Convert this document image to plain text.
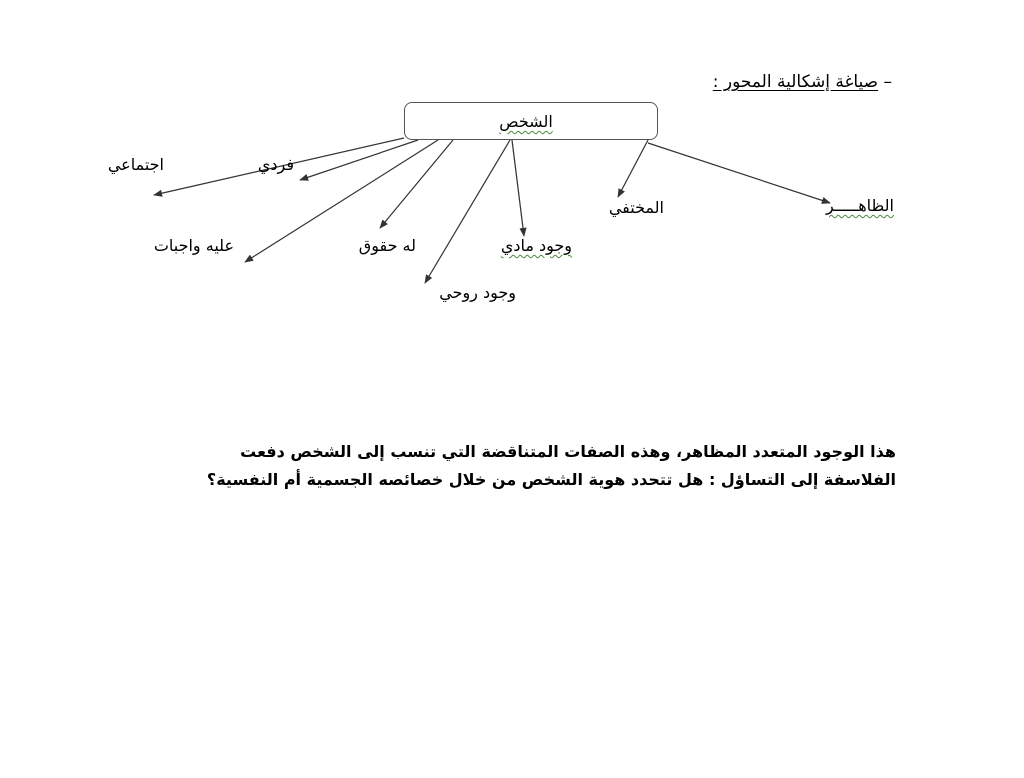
– صياغة إشكالية المحور :
الشخص
اجتماعي	فردي
عليه واجبات	له حقوق
وجود روحي
وجود مادي
المختفي	الظاهـــــر
هذا الوجود المتعدد المظاهر، وهذه الصفات المتناقضة التي تنسب إلى الشخص دفعت
الفلاسفة إلى التساؤل : هل تتحدد هوية الشخص من خلال خصائصه الجسمية أم النفسية؟
